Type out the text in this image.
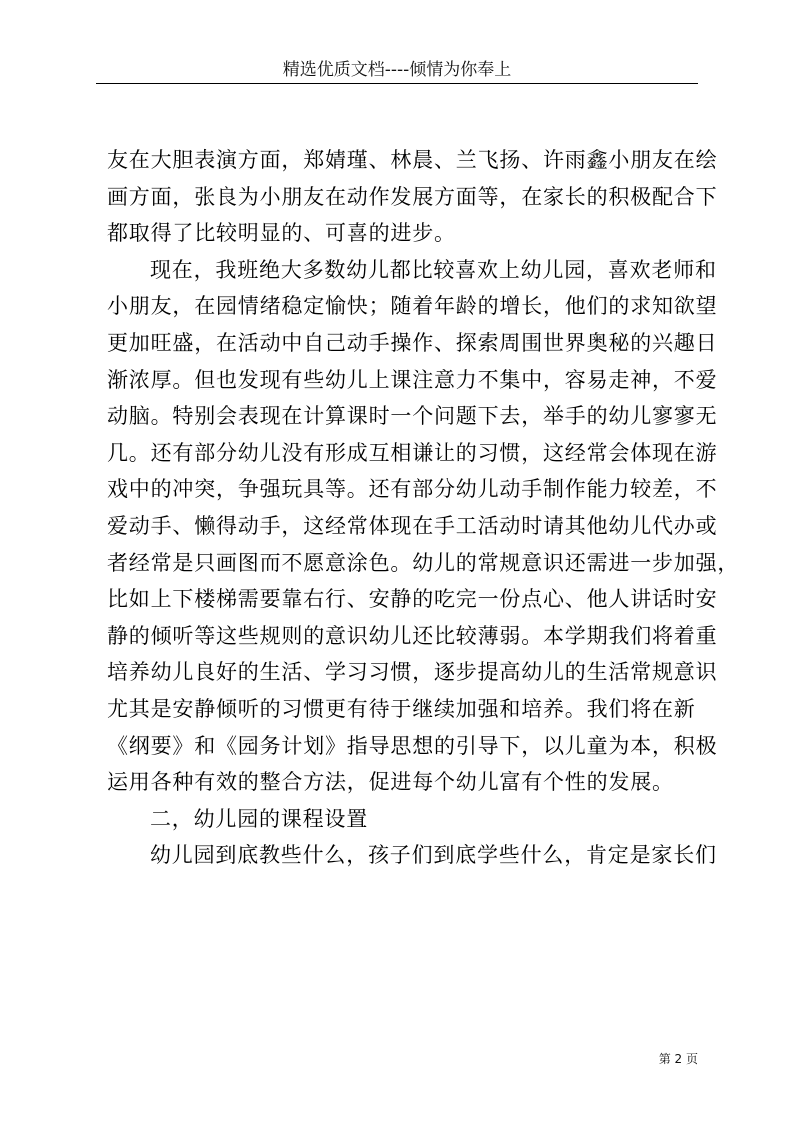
精选优质文档----倾情为你奉上
友在大胆表演方面，郑婧瑾、林晨、兰飞扬、许雨鑫小朋友在绘
画方面，张良为小朋友在动作发展方面等，在家长的积极配合下
都取得了比较明显的、可喜的进步。
现在，我班绝大多数幼儿都比较喜欢上幼儿园，喜欢老师和
小朋友，在园情绪稳定愉快；随着年龄的增长，他们的求知欲望
更加旺盛，在活动中自己动手操作、探索周围世界奥秘的兴趣日
渐浓厚。但也发现有些幼儿上课注意力不集中，容易走神，不爱
动脑。特别会表现在计算课时一个问题下去，举手的幼儿寥寥无
几。还有部分幼儿没有形成互相谦让的习惯，这经常会体现在游
戏中的冲突，争强玩具等。还有部分幼儿动手制作能力较差，不
爱动手、懒得动手，这经常体现在手工活动时请其他幼儿代办或
者经常是只画图而不愿意涂色。幼儿的常规意识还需进一步加强，
比如上下楼梯需要靠右行、安静的吃完一份点心、他人讲话时安
静的倾听等这些规则的意识幼儿还比较薄弱。本学期我们将着重
培养幼儿良好的生活、学习习惯，逐步提高幼儿的生活常规意识
尤其是安静倾听的习惯更有待于继续加强和培养。我们将在新
《纲要》和《园务计划》指导思想的引导下，以儿童为本，积极
运用各种有效的整合方法，促进每个幼儿富有个性的发展。
二，幼儿园的课程设置
幼儿园到底教些什么，孩子们到底学些什么，肯定是家长们
第 2 页
